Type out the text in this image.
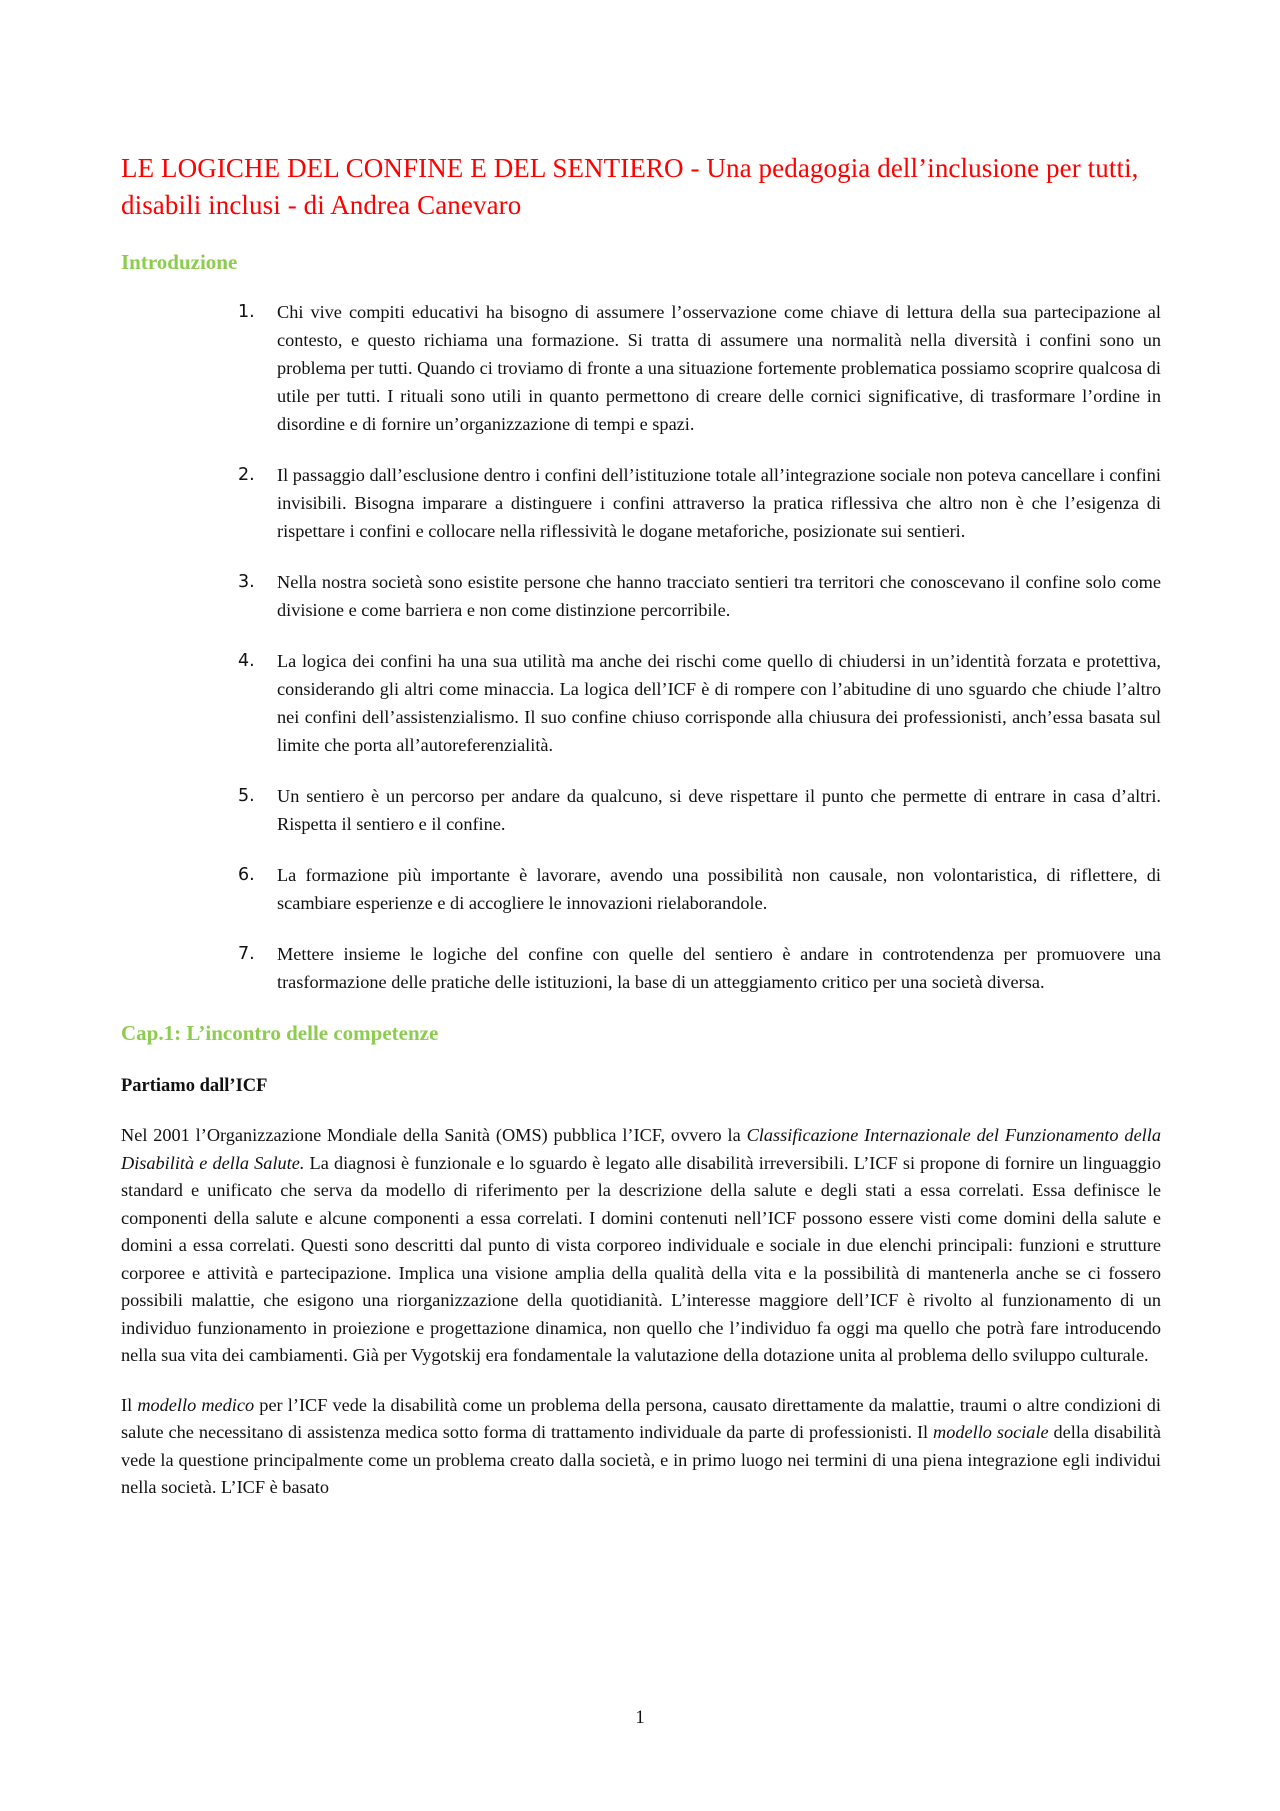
LE LOGICHE DEL CONFINE E DEL SENTIERO - Una pedagogia dell’inclusione per tutti, disabili inclusi - di Andrea Canevaro
Introduzione
1. Chi vive compiti educativi ha bisogno di assumere l’osservazione come chiave di lettura della sua partecipazione al contesto, e questo richiama una formazione. Si tratta di assumere una normalità nella diversità i confini sono un problema per tutti. Quando ci troviamo di fronte a una situazione fortemente problematica possiamo scoprire qualcosa di utile per tutti. I rituali sono utili in quanto permettono di creare delle cornici significative, di trasformare l’ordine in disordine e di fornire un’organizzazione di tempi e spazi.
2. Il passaggio dall’esclusione dentro i confini dell’istituzione totale all’integrazione sociale non poteva cancellare i confini invisibili. Bisogna imparare a distinguere i confini attraverso la pratica riflessiva che altro non è che l’esigenza di rispettare i confini e collocare nella riflessività le dogane metaforiche, posizionate sui sentieri.
3. Nella nostra società sono esistite persone che hanno tracciato sentieri tra territori che conoscevano il confine solo come divisione e come barriera e non come distinzione percorribile.
4. La logica dei confini ha una sua utilità ma anche dei rischi come quello di chiudersi in un’identità forzata e protettiva, considerando gli altri come minaccia. La logica dell’ICF è di rompere con l’abitudine di uno sguardo che chiude l’altro nei confini dell’assistenzialismo. Il suo confine chiuso corrisponde alla chiusura dei professionisti, anch’essa basata sul limite che porta all’autoreferenzialità.
5. Un sentiero è un percorso per andare da qualcuno, si deve rispettare il punto che permette di entrare in casa d’altri. Rispetta il sentiero e il confine.
6. La formazione più importante è lavorare, avendo una possibilità non causale, non volontaristica, di riflettere, di scambiare esperienze e di accogliere le innovazioni rielaborandole.
7. Mettere insieme le logiche del confine con quelle del sentiero è andare in controtendenza per promuovere una trasformazione delle pratiche delle istituzioni, la base di un atteggiamento critico per una società diversa.
Cap.1: L’incontro delle competenze
Partiamo dall’ICF

Nel 2001 l’Organizzazione Mondiale della Sanità (OMS) pubblica l’ICF, ovvero la Classificazione Internazionale del Funzionamento della Disabilità e della Salute. La diagnosi è funzionale e lo sguardo è legato alle disabilità irreversibili. L’ICF si propone di fornire un linguaggio standard e unificato che serva da modello di riferimento per la descrizione della salute e degli stati a essa correlati. Essa definisce le componenti della salute e alcune componenti a essa correlati. I domini contenuti nell’ICF possono essere visti come domini della salute e domini a essa correlati. Questi sono descritti dal punto di vista corporeo individuale e sociale in due elenchi principali: funzioni e strutture corporee e attività e partecipazione. Implica una visione amplia della qualità della vita e la possibilità di mantenerla anche se ci fossero possibili malattie, che esigono una riorganizzazione della quotidianità. L’interesse maggiore dell’ICF è rivolto al funzionamento di un individuo funzionamento in proiezione e progettazione dinamica, non quello che l’individuo fa oggi ma quello che potrà fare introducendo nella sua vita dei cambiamenti. Già per Vygotskij era fondamentale la valutazione della dotazione unita al problema dello sviluppo culturale.

Il modello medico per l’ICF vede la disabilità come un problema della persona, causato direttamente da malattie, traumi o altre condizioni di salute che necessitano di assistenza medica sotto forma di trattamento individuale da parte di professionisti. Il modello sociale della disabilità vede la questione principalmente come un problema creato dalla società, e in primo luogo nei termini di una piena integrazione egli individui nella società. L’ICF è basato

1
